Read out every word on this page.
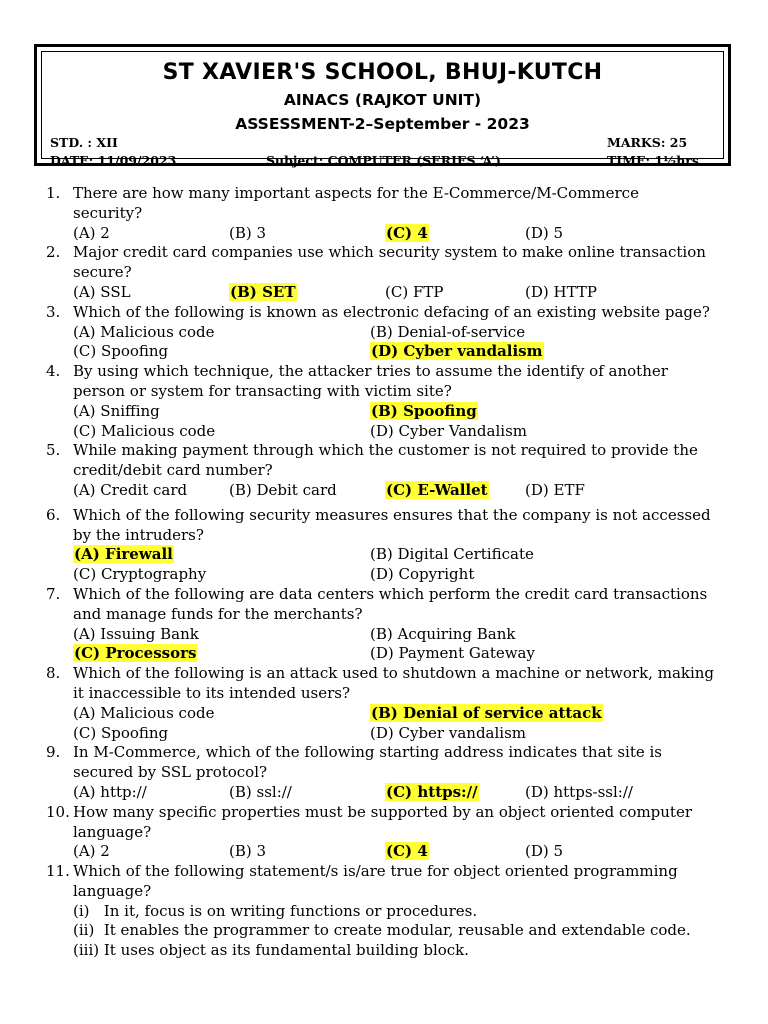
ST XAVIER'S SCHOOL, BHUJ-KUTCH
AINACS (RAJKOT UNIT)
ASSESSMENT-2–September - 2023
STD. : XII
DATE: 11/09/2023	Subject: COMPUTER (SERIES ‘A’)
MARKS: 25
TIME: 1½hrs
1. There are how many important aspects for the E-Commerce/M-Commerce
security?
(A) 2	(B) 3	(C) 4	(D) 5
2. Major credit card companies use which security system to make online transaction
secure?
(A) SSL	(B) SET	(C) FTP	(D) HTTP
3. Which of the following is known as electronic defacing of an existing website page?
(A) Malicious code	(B) Denial-of-service
(C) Spoofing	(D) Cyber vandalism
4. By using which technique, the attacker tries to assume the identify of another
person or system for transacting with victim site?
(A) Sniffing	(B) Spoofing
(C) Malicious code	(D) Cyber Vandalism
5. While making payment through which the customer is not required to provide the
credit/debit card number?
(A) Credit card	(B) Debit card	(C) E-Wallet	(D) ETF
6. Which of the following security measures ensures that the company is not accessed
by the intruders?
(A) Firewall	(B) Digital Certificate
(C) Cryptography	(D) Copyright
7. Which of the following are data centers which perform the credit card transactions
and manage funds for the merchants?
(A) Issuing Bank	(B) Acquiring Bank
(C) Processors	(D) Payment Gateway
8. Which of the following is an attack used to shutdown a machine or network, making
it inaccessible to its intended users?
(A) Malicious code	(B) Denial of service attack
(C) Spoofing	(D) Cyber vandalism
9. In M-Commerce, which of the following starting address indicates that site is
secured by SSL protocol?
(A) http://	(B) ssl://	(C) https://	(D) https-ssl://
10. How many specific properties must be supported by an object oriented computer
language?
(A) 2	(B) 3	(C) 4	(D) 5
11. Which of the following statement/s is/are true for object oriented programming
language?
(i)   In it, focus is on writing functions or procedures.
(ii)  It enables the programmer to create modular, reusable and extendable code.
(iii) It uses object as its fundamental building block.
